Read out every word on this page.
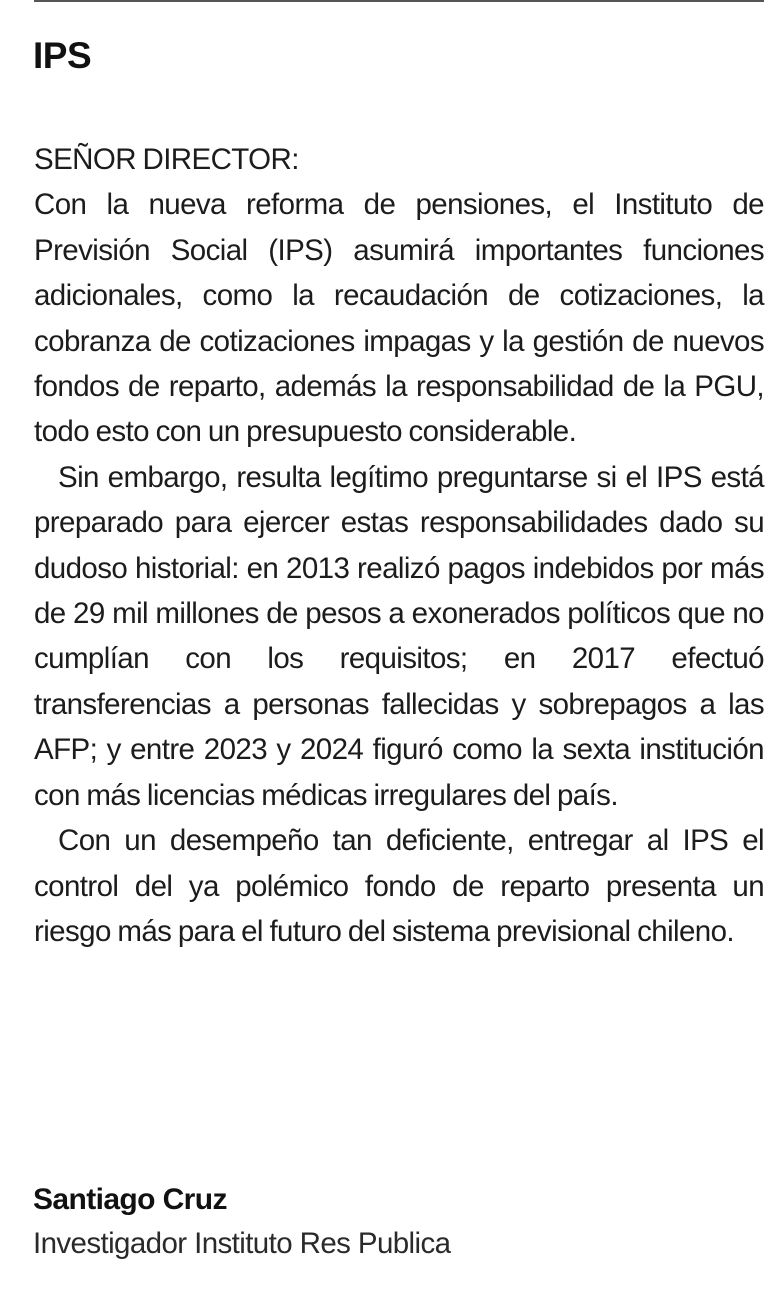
IPS

SEÑOR DIRECTOR:

Con la nueva reforma de pensiones, el Instituto de Previsión Social (IPS) asumirá importantes funciones adicionales, como la recaudación de cotizaciones, la cobranza de cotizaciones impagas y la gestión de nuevos fondos de reparto, además la responsabilidad de la PGU, todo esto con un presupuesto considerable.

Sin embargo, resulta legítimo preguntarse si el IPS está preparado para ejercer estas responsabilidades dado su dudoso historial: en 2013 realizó pagos indebidos por más de 29 mil millones de pesos a exonerados políticos que no cumplían con los requisitos; en 2017 efectuó transferencias a personas fallecidas y sobrepagos a las AFP; y entre 2023 y 2024 figuró como la sexta institución con más licencias médicas irregulares del país.

Con un desempeño tan deficiente, entregar al IPS el control del ya polémico fondo de reparto presenta un riesgo más para el futuro del sistema previsional chileno.

Santiago Cruz
Investigador Instituto Res Publica
